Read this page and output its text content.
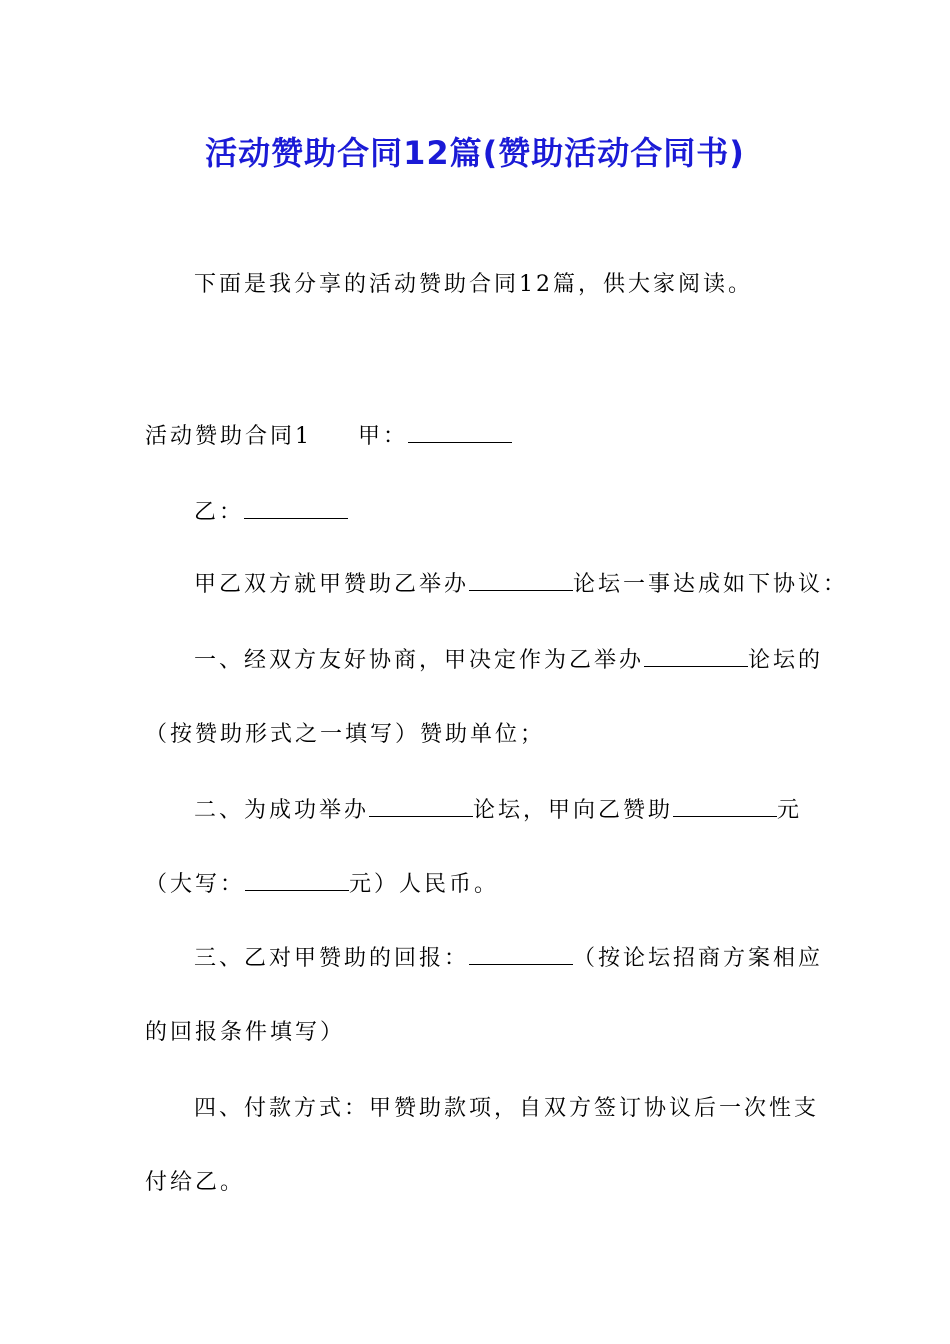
活动赞助合同12篇(赞助活动合同书)
下面是我分享的活动赞助合同12篇，供大家阅读。
活动赞助合同1 甲：
乙：
甲乙双方就甲赞助乙举办	论坛一事达成如下协议：
一、经双方友好协商，甲决定作为乙举办	论坛的
（按赞助形式之一填写）赞助单位；
二、为成功举办	论坛，甲向乙赞助	元
（大写：	元）人民币。
三、乙对甲赞助的回报：	（按论坛招商方案相应
的回报条件填写）
四、付款方式：甲赞助款项，自双方签订协议后一次性支
付给乙。
